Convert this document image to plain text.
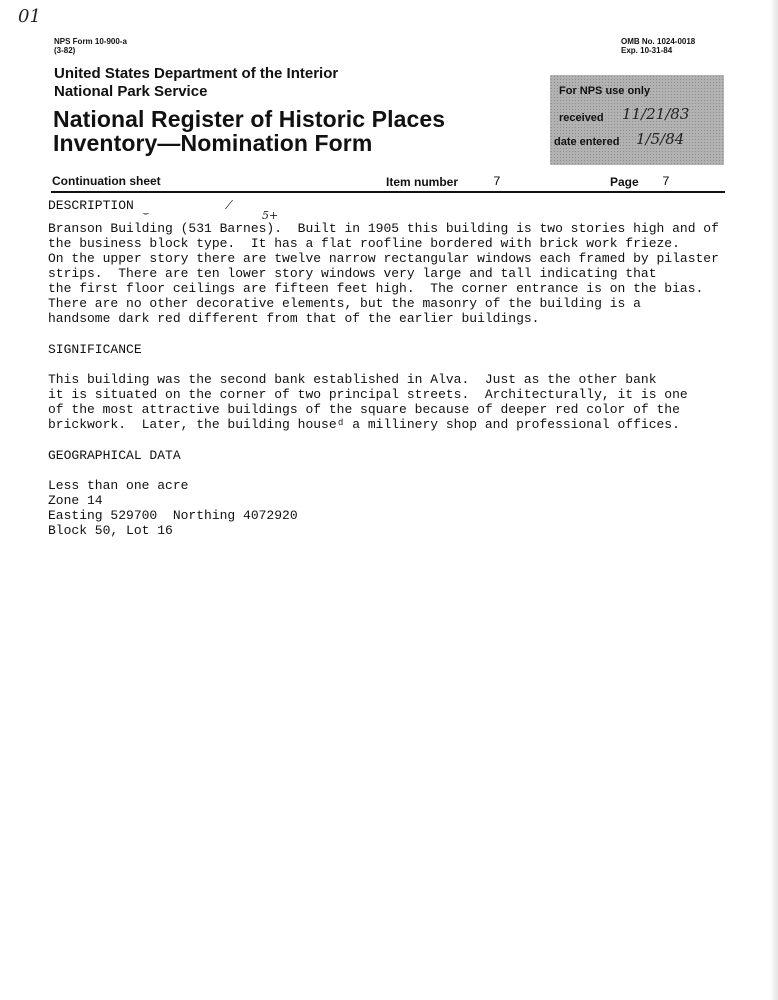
01
NPS Form 10-900-a
(3-82)
OMB No. 1024-0018
Exp. 10-31-84
United States Department of the Interior
National Park Service
National Register of Historic Places
Inventory—Nomination Form
For NPS use only
received 11/21/83
date entered 1/5/84
Continuation sheet	Item number	7	Page 7
⌣
⁄
5+
DESCRIPTION
Branson Building (531 Barnes).  Built in 1905 this building is two stories high and of
the business block type.  It has a flat roofline bordered with brick work frieze.
On the upper story there are twelve narrow rectangular windows each framed by pilaster
strips.  There are ten lower story windows very large and tall indicating that
the first floor ceilings are fifteen feet high.  The corner entrance is on the bias.
There are no other decorative elements, but the masonry of the building is a
handsome dark red different from that of the earlier buildings.
SIGNIFICANCE
This building was the second bank established in Alva.  Just as the other bank
it is situated on the corner of two principal streets.  Architecturally, it is one
of the most attractive buildings of the square because of deeper red color of the
brickwork.  Later, the building houseᵈ a millinery shop and professional offices.
GEOGRAPHICAL DATA
Less than one acre
Zone 14
Easting 529700  Northing 4072920
Block 50, Lot 16
